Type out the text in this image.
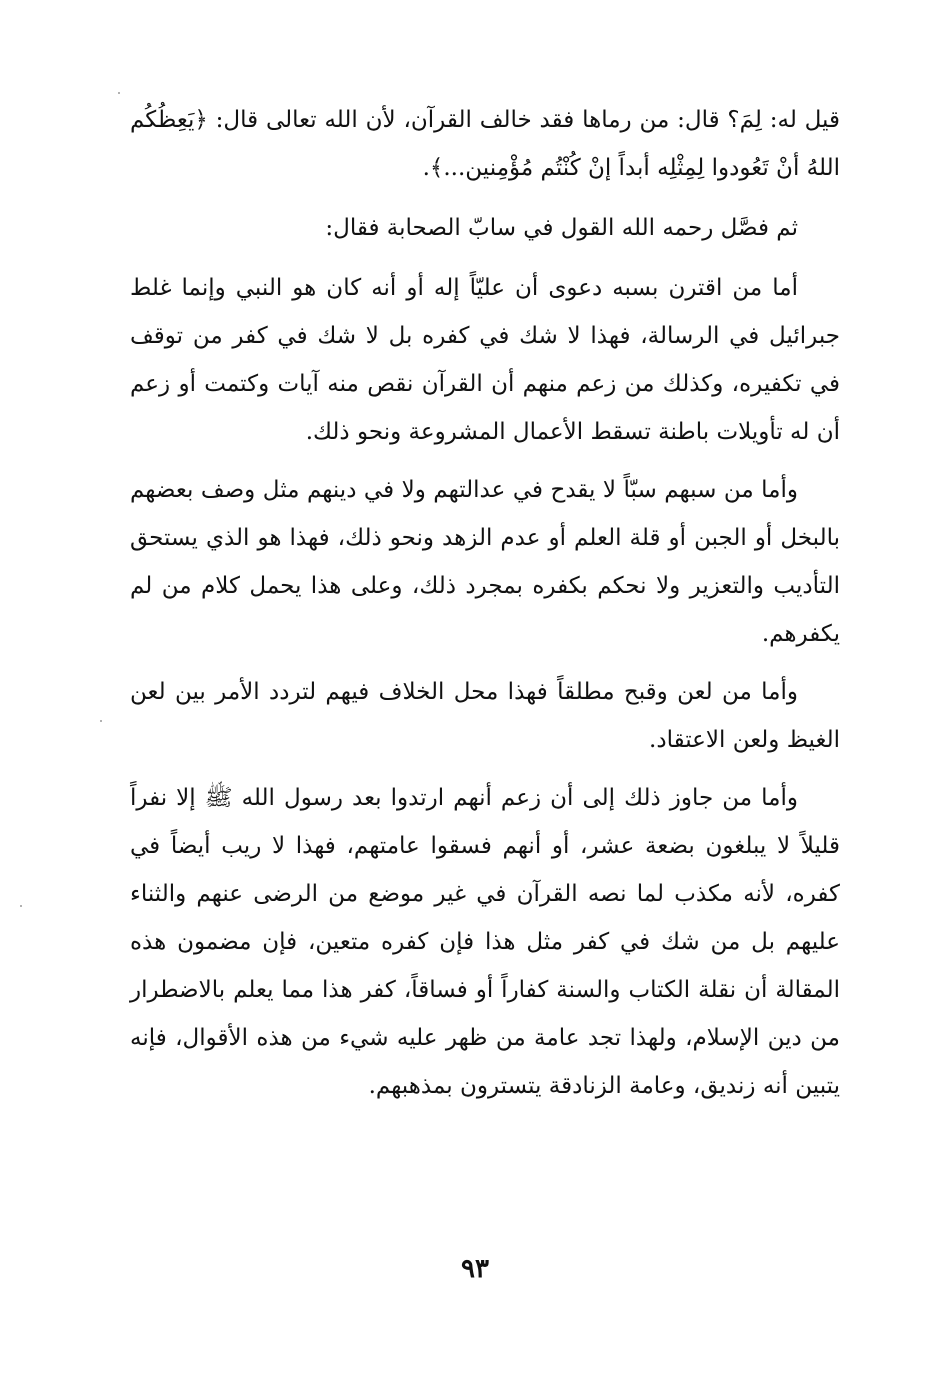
قيل له: لِمَ؟ قال: من رماها فقد خالف القرآن، لأن الله تعالى قال: ﴿يَعِظُكُم اللهُ أنْ تَعُودوا لِمِثْلِه أبداً إنْ كُنْتُم مُؤْمِنين...﴾.

ثم فصَّل رحمه الله القول في سابّ الصحابة فقال:

أما من اقترن بسبه دعوى أن عليّاً إله أو أنه كان هو النبي وإنما غلط جبرائيل في الرسالة، فهذا لا شك في كفره بل لا شك في كفر من توقف في تكفيره، وكذلك من زعم منهم أن القرآن نقص منه آيات وكتمت أو زعم أن له تأويلات باطنة تسقط الأعمال المشروعة ونحو ذلك.

وأما من سبهم سبّاً لا يقدح في عدالتهم ولا في دينهم مثل وصف بعضهم بالبخل أو الجبن أو قلة العلم أو عدم الزهد ونحو ذلك، فهذا هو الذي يستحق التأديب والتعزير ولا نحكم بكفره بمجرد ذلك، وعلى هذا يحمل كلام من لم يكفرهم.

وأما من لعن وقبح مطلقاً فهذا محل الخلاف فيهم لتردد الأمر بين لعن الغيظ ولعن الاعتقاد.

وأما من جاوز ذلك إلى أن زعم أنهم ارتدوا بعد رسول الله ﷺ إلا نفراً قليلاً لا يبلغون بضعة عشر، أو أنهم فسقوا عامتهم، فهذا لا ريب أيضاً في كفره، لأنه مكذب لما نصه القرآن في غير موضع من الرضى عنهم والثناء عليهم بل من شك في كفر مثل هذا فإن كفره متعين، فإن مضمون هذه المقالة أن نقلة الكتاب والسنة كفاراً أو فساقاً، كفر هذا مما يعلم بالاضطرار من دين الإسلام، ولهذا تجد عامة من ظهر عليه شيء من هذه الأقوال، فإنه يتبين أنه زنديق، وعامة الزنادقة يتسترون بمذهبهم.

٩٣
